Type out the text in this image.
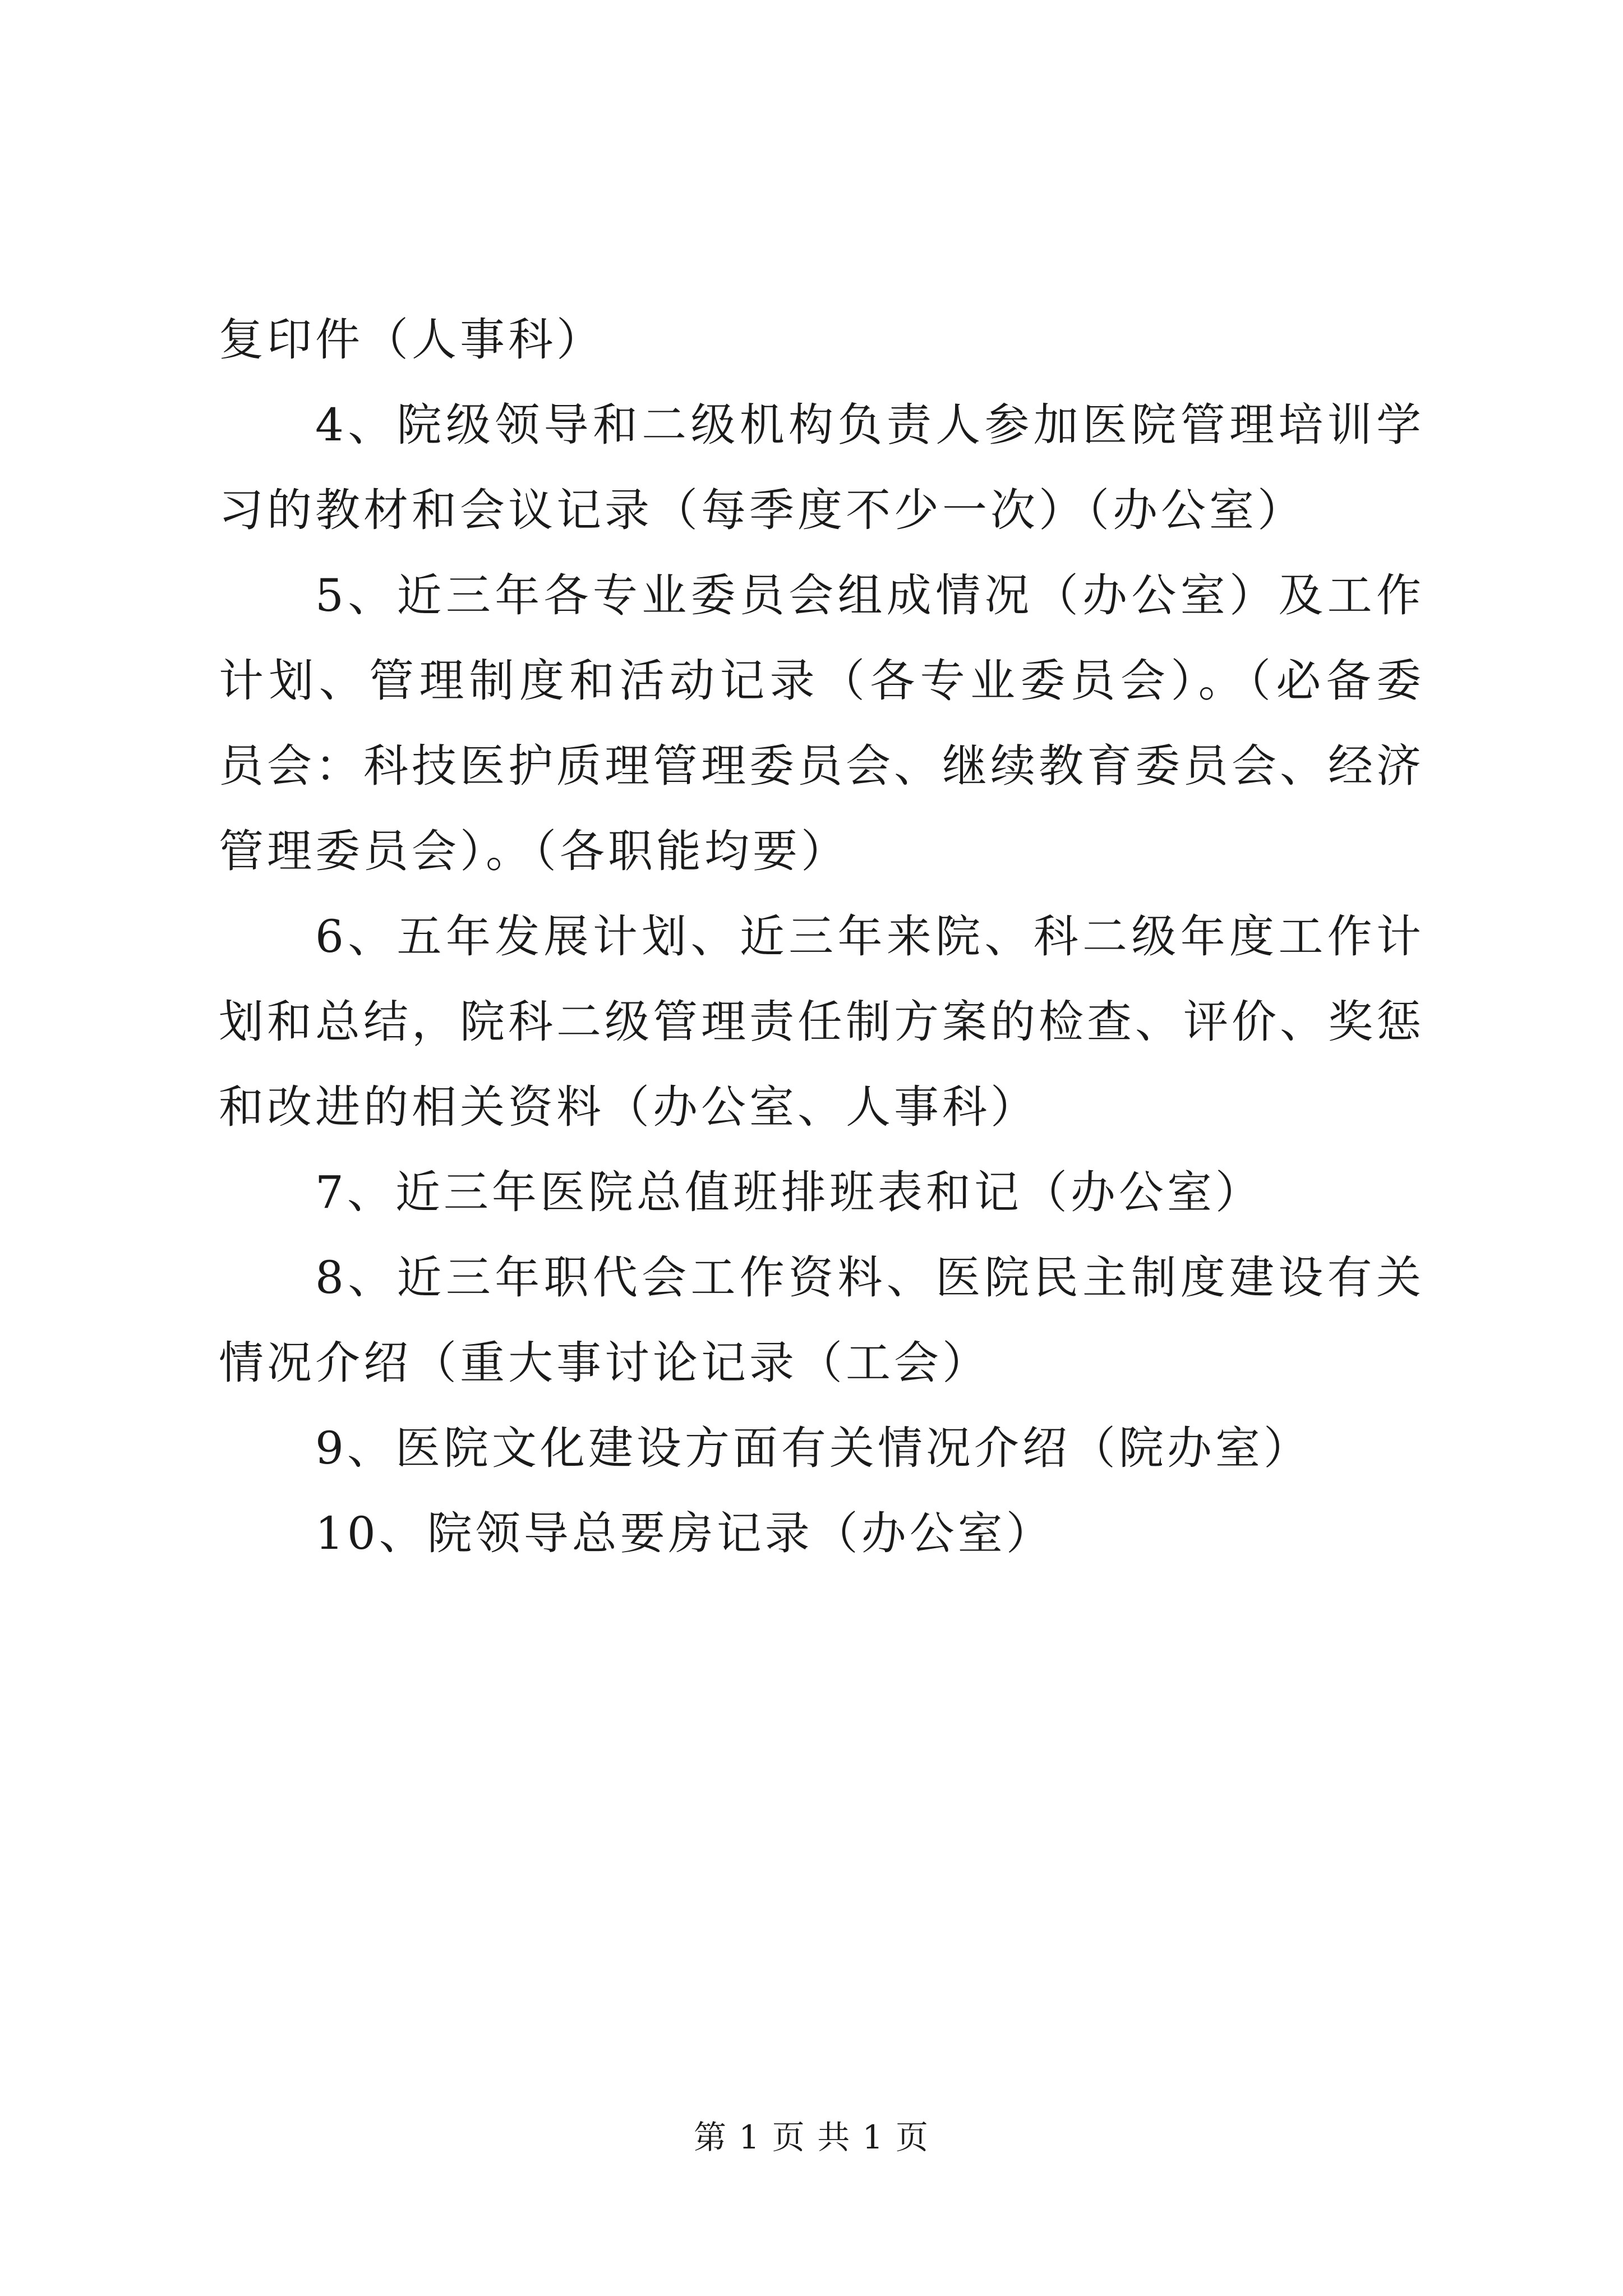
复印件（人事科）

4、院级领导和二级机构负责人参加医院管理培训学习的教材和会议记录（每季度不少一次）（办公室）

5、近三年各专业委员会组成情况（办公室）及工作计划、管理制度和活动记录（各专业委员会）。（必备委员会：科技医护质理管理委员会、继续教育委员会、经济管理委员会）。（各职能均要）

6、五年发展计划、近三年来院、科二级年度工作计划和总结，院科二级管理责任制方案的检查、评价、奖惩和改进的相关资料（办公室、人事科）

7、近三年医院总值班排班表和记（办公室）

8、近三年职代会工作资料、医院民主制度建设有关情况介绍（重大事讨论记录（工会）

9、医院文化建设方面有关情况介绍（院办室）

10、院领导总要房记录（办公室）

第 1 页 共 1 页
